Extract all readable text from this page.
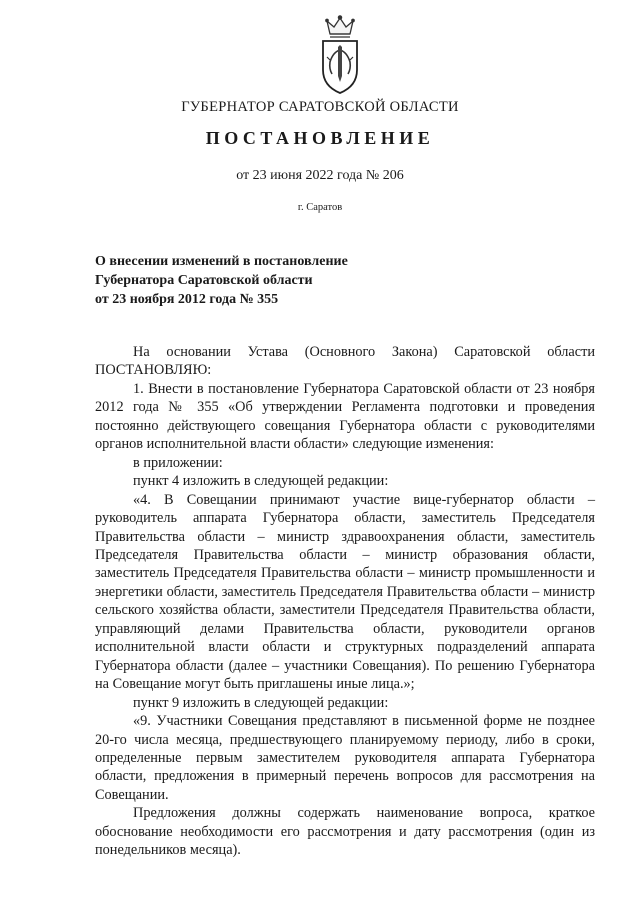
ГУБЕРНАТОР САРАТОВСКОЙ ОБЛАСТИ
ПОСТАНОВЛЕНИЕ
от 23 июня 2022 года № 206
г. Саратов
О внесении изменений в постановление
Губернатора Саратовской области
от 23 ноября 2012 года № 355

На основании Устава (Основного Закона) Саратовской области ПОСТАНОВЛЯЮ:

1. Внести в постановление Губернатора Саратовской области от 23 ноября 2012 года № 355 «Об утверждении Регламента подготовки и проведения постоянно действующего совещания Губернатора области с руководителями органов исполнительной власти области» следующие изменения:

в приложении:

пункт 4 изложить в следующей редакции:

«4. В Совещании принимают участие вице-губернатор области – руководитель аппарата Губернатора области, заместитель Председателя Правительства области – министр здравоохранения области, заместитель Председателя Правительства области – министр образования области, заместитель Председателя Правительства области – министр промышленности и энергетики области, заместитель Председателя Правительства области – министр сельского хозяйства области, заместители Председателя Правительства области, управляющий делами Правительства области, руководители органов исполнительной власти области и структурных подразделений аппарата Губернатора области (далее – участники Совещания). По решению Губернатора на Совещание могут быть приглашены иные лица.»;

пункт 9 изложить в следующей редакции:

«9. Участники Совещания представляют в письменной форме не позднее 20-го числа месяца, предшествующего планируемому периоду, либо в сроки, определенные первым заместителем руководителя аппарата Губернатора области, предложения в примерный перечень вопросов для рассмотрения на Совещании.

Предложения должны содержать наименование вопроса, краткое обоснование необходимости его рассмотрения и дату рассмотрения (один из понедельников месяца).
